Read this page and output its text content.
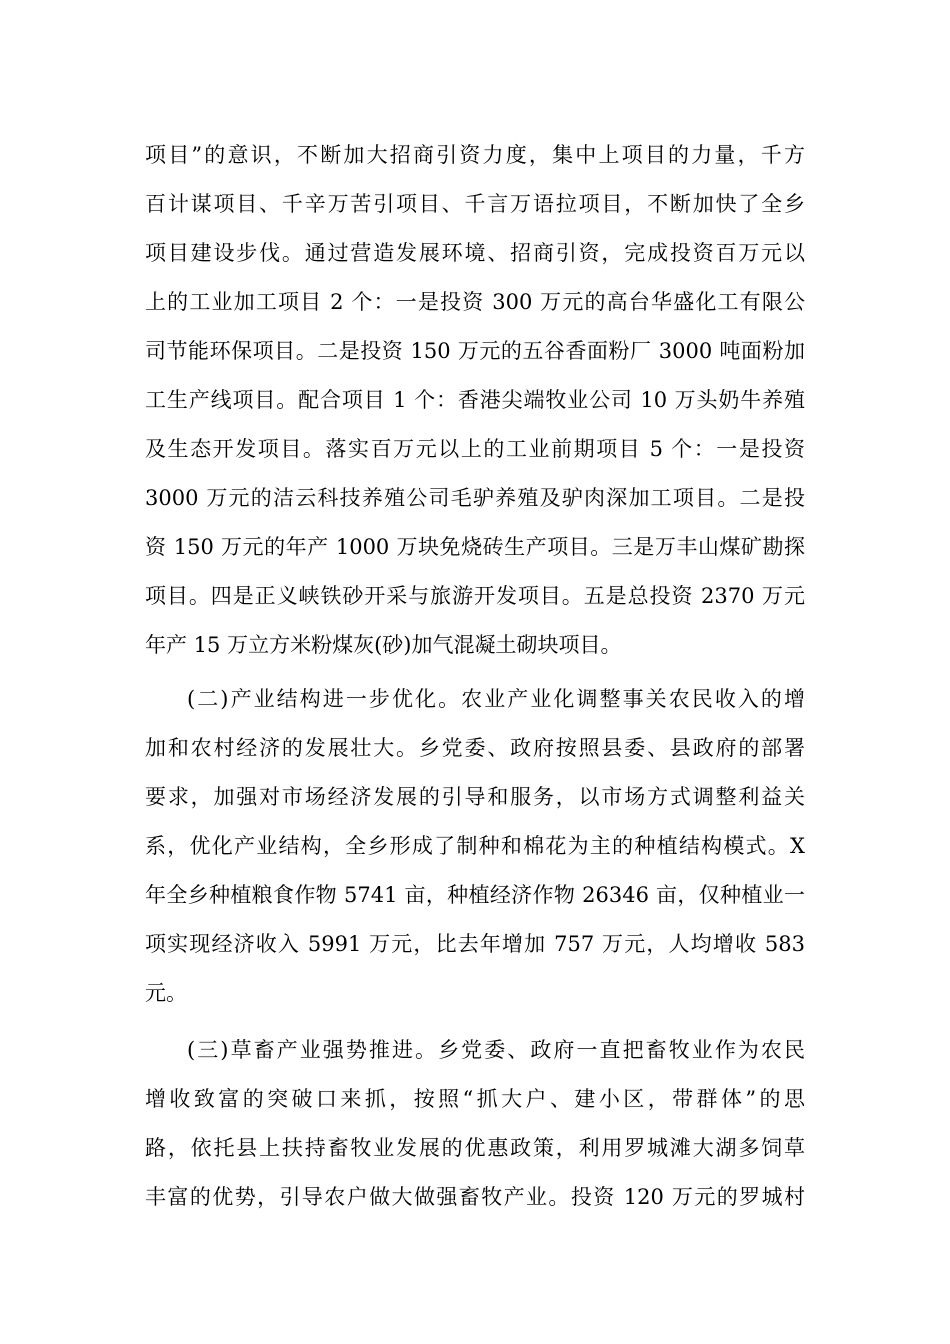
项目”的意识，不断加大招商引资力度，集中上项目的力量，千方
百计谋项目、千辛万苦引项目、千言万语拉项目，不断加快了全乡
项目建设步伐。通过营造发展环境、招商引资，完成投资百万元以
上的工业加工项目 2 个：一是投资 300 万元的高台华盛化工有限公
司节能环保项目。二是投资 150 万元的五谷香面粉厂 3000 吨面粉加
工生产线项目。配合项目 1 个：香港尖端牧业公司 10 万头奶牛养殖
及生态开发项目。落实百万元以上的工业前期项目 5 个：一是投资
3000 万元的洁云科技养殖公司毛驴养殖及驴肉深加工项目。二是投
资 150 万元的年产 1000 万块免烧砖生产项目。三是万丰山煤矿勘探
项目。四是正义峡铁砂开采与旅游开发项目。五是总投资 2370 万元
年产 15 万立方米粉煤灰(砂)加气混凝土砌块项目。
(二)产业结构进一步优化。农业产业化调整事关农民收入的增
加和农村经济的发展壮大。乡党委、政府按照县委、县政府的部署
要求，加强对市场经济发展的引导和服务，以市场方式调整利益关
系，优化产业结构，全乡形成了制种和棉花为主的种植结构模式。X
年全乡种植粮食作物 5741 亩，种植经济作物 26346 亩，仅种植业一
项实现经济收入 5991 万元，比去年增加 757 万元，人均增收 583
元。
(三)草畜产业强势推进。乡党委、政府一直把畜牧业作为农民
增收致富的突破口来抓，按照“抓大户、建小区，带群体”的思
路，依托县上扶持畜牧业发展的优惠政策，利用罗城滩大湖多饲草
丰富的优势，引导农户做大做强畜牧产业。投资 120 万元的罗城村
